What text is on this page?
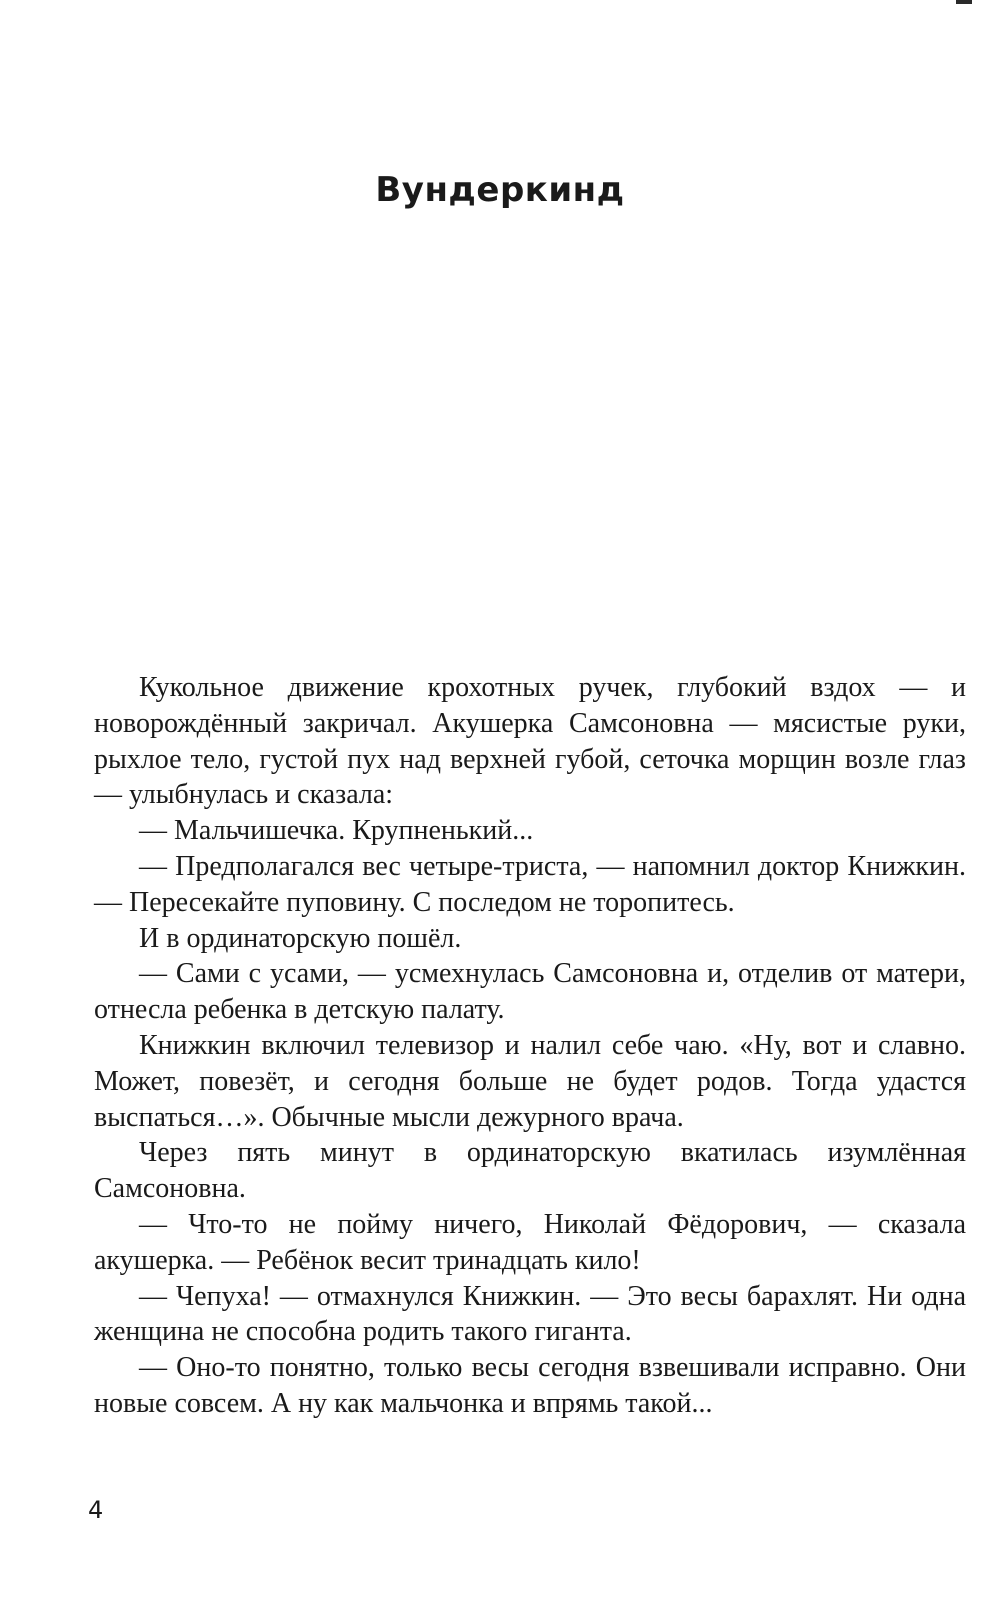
Вундеркинд

Кукольное движение крохотных ручек, глубокий вздох — и новорождённый закричал. Акушерка Самсоновна — мясистые руки, рыхлое тело, густой пух над верхней губой, сеточка морщин возле глаз — улыбнулась и сказала:

— Мальчишечка. Крупненький...

— Предполагался вес четыре-триста, — напомнил доктор Книжкин. — Пересекайте пуповину. С последом не торопитесь.

И в ординаторскую пошёл.

— Сами с усами, — усмехнулась Самсоновна и, отделив от матери, отнесла ребенка в детскую палату.

Книжкин включил телевизор и налил себе чаю. «Ну, вот и славно. Может, повезёт, и сегодня больше не будет родов. Тогда удастся выспаться…». Обычные мысли дежурного врача.

Через пять минут в ординаторскую вкатилась изумлённая Самсоновна.

— Что-то не пойму ничего, Николай Фёдорович, — сказала акушерка. — Ребёнок весит тринадцать кило!

— Чепуха! — отмахнулся Книжкин. — Это весы барахлят. Ни одна женщина не способна родить такого гиганта.

— Оно-то понятно, только весы сегодня взвешивали исправно. Они новые совсем. А ну как мальчонка и впрямь такой...

4
